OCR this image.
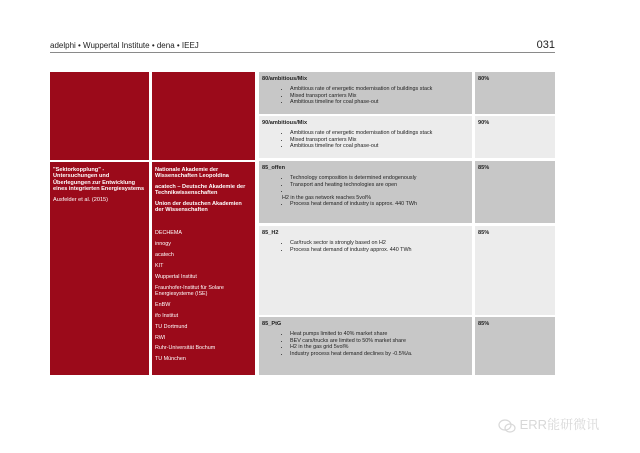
adelphi • Wuppertal Institute • dena • IEEJ	031
"Sektorkopplung" - Untersuchungen und Überlegungen zur Entwicklung eines integrierten Energiesystems
Ausfelder et al. (2015)
Nationale Akademie der Wissenschaften Leopoldina
acatech – Deutsche Akademie der Technikwissenschaften
Union der deutschen Akademien der Wissenschaften
DECHEMA
innogy
acatech
KIT
Wuppertal Institut
Fraunhofer-Institut für Solare Energiesysteme (ISE)
EnBW
ifo Institut
TU Dortmund
RWI
Ruhr-Universität Bochum
TU München
80/ambitious/Mix
• Ambitious rate of energetic modernisation of buildings stack
• Mixed transport carriers Mix
• Ambitious timeline for coal phase-out
80%
90/ambitious/Mix
• Ambitious rate of energetic modernisation of buildings stack
• Mixed transport carriers Mix
• Ambitious timeline for coal phase-out
90%
85_offen
• Technology composition is determined endogenously
• Transport and heating technologies are open
•
H2 in the gas network reaches 5vol%
• Process heat demand of industry is approx. 440 TWh
85%
85_H2
• Car/truck sector is strongly based on H2
• Process heat demand of industry approx. 440 TWh
85%
85_PtG
• Heat pumps limited to 40% market share
• BEV cars/trucks are limited to 50% market share
• H2 in the gas grid 5vol%
• Industry process heat demand declines by -0.5%/a.
85%
ERR能研微讯
